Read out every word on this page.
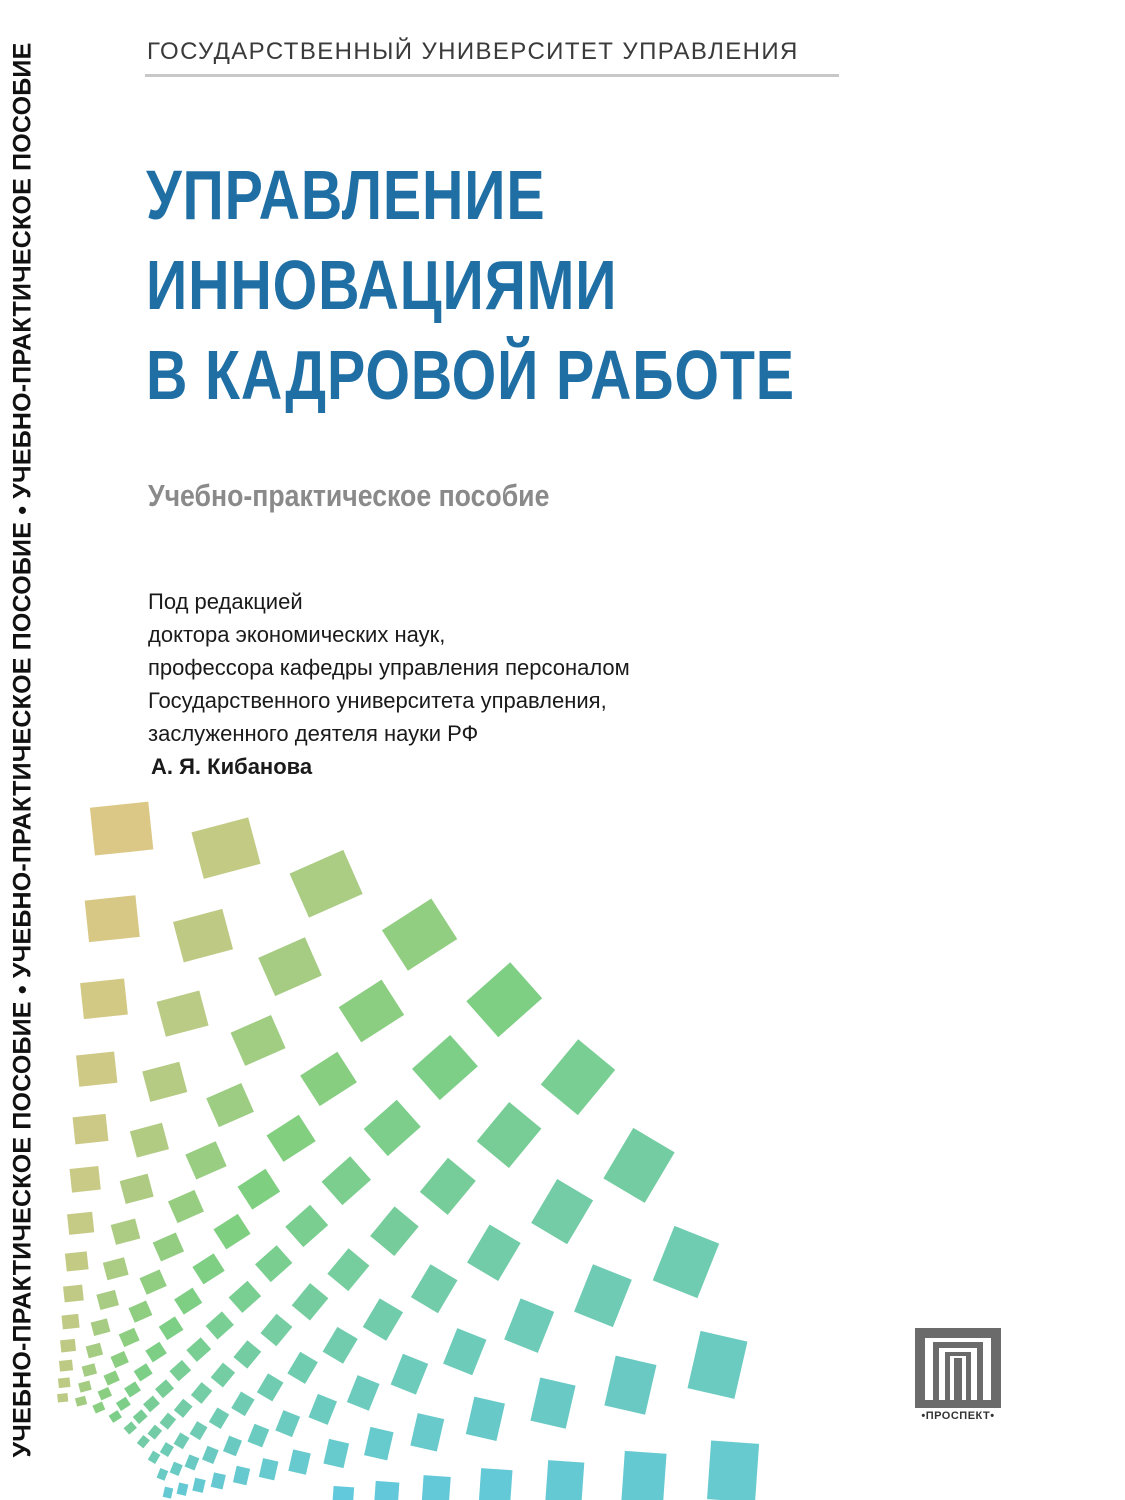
УЧЕБНО-ПРАКТИЧЕСКОЕ ПОСОБИЕ • УЧЕБНО-ПРАКТИЧЕСКОЕ ПОСОБИЕ • УЧЕБНО-ПРАКТИЧЕСКОЕ ПОСОБИЕ	ГОСУДАРСТВЕННЫЙ УНИВЕРСИТЕТ УПРАВЛЕНИЯ
УПРАВЛЕНИЕ
ИННОВАЦИЯМИ
В КАДРОВОЙ РАБОТЕ
Учебно-практическое пособие
Под редакцией
доктора экономических наук,
профессора кафедры управления персоналом
Государственного университета управления,
заслуженного деятеля науки РФ
А. Я. Кибанова
•ПРОСПЕКТ•
